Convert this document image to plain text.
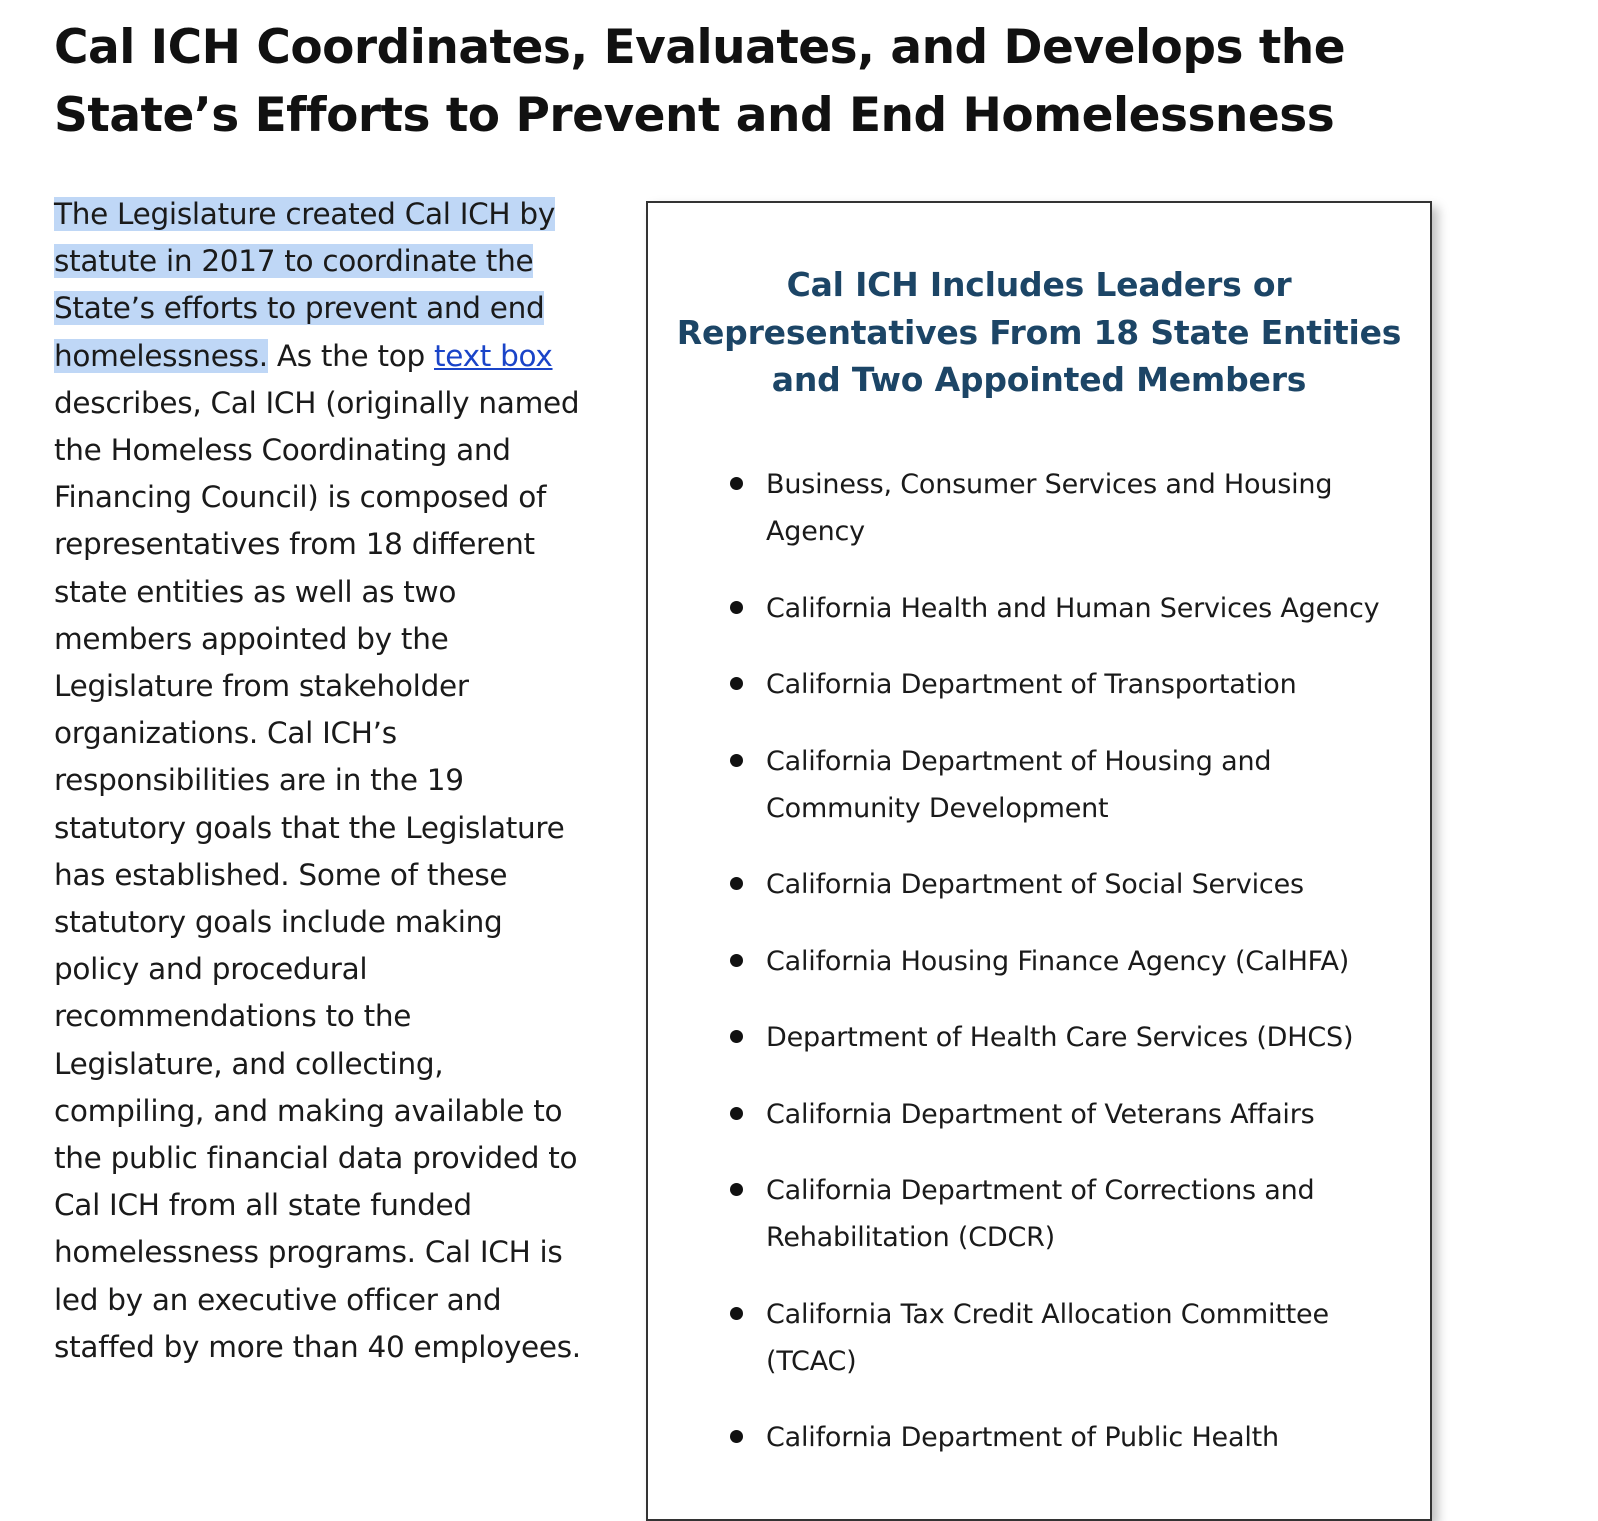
Cal ICH Coordinates, Evaluates, and Develops the
State’s Efforts to Prevent and End Homelessness

The Legislature created Cal ICH by statute in 2017 to coordinate the State’s efforts to prevent and end homelessness. As the top text box describes, Cal ICH (originally named the Homeless Coordinating and Financing Council) is composed of representatives from 18 different state entities as well as two members appointed by the Legislature from stakeholder organizations. Cal ICH’s responsibilities are in the 19 statutory goals that the Legislature has established. Some of these statutory goals include making policy and procedural recommendations to the Legislature, and collecting, compiling, and making available to the public financial data provided to Cal ICH from all state funded homelessness programs. Cal ICH is led by an executive officer and staffed by more than 40 employees.

Cal ICH Includes Leaders or
Representatives From 18 State Entities
and Two Appointed Members
Business, Consumer Services and Housing
Agency
California Health and Human Services Agency
California Department of Transportation
California Department of Housing and
Community Development
California Department of Social Services
California Housing Finance Agency (CalHFA)
Department of Health Care Services (DHCS)
California Department of Veterans Affairs
California Department of Corrections and
Rehabilitation (CDCR)
California Tax Credit Allocation Committee
(TCAC)
California Department of Public Health
